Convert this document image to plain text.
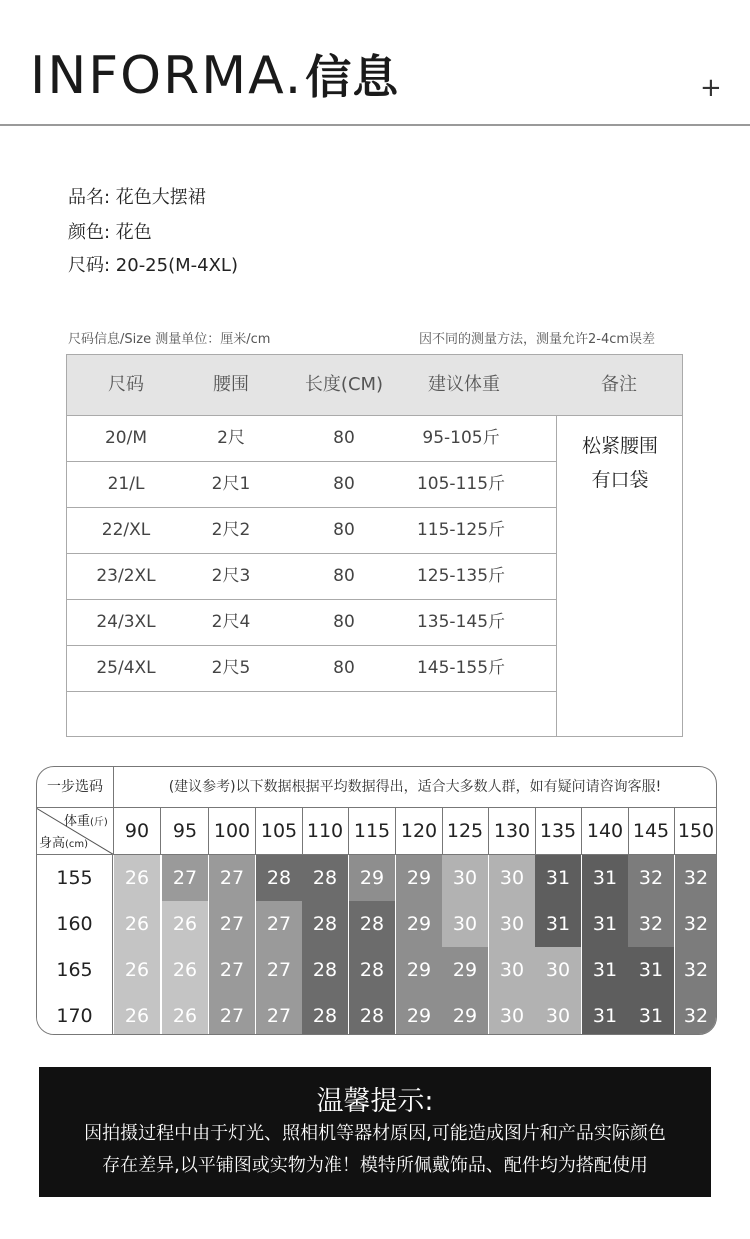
INFORMA.信息	+
品名: 花色大摆裙
颜色: 花色
尺码: 20-25(M-4XL)
尺码信息/Size 测量单位：厘米/cm	因不同的测量方法，测量允许2-4cm误差
尺码	腰围	长度(CM)	建议体重	备注
20/M	2尺	80	95-105斤
21/L	2尺1	80	105-115斤
22/XL	2尺2	80	115-125斤
23/2XL	2尺3	80	125-135斤
24/3XL	2尺4	80	135-145斤
25/4XL	2尺5	80	145-155斤
松紧腰围
有口袋
一步选码	(建议参考)以下数据根据平均数据得出，适合大多数人群，如有疑问请咨询客服!
体重(斤)
身高(cm)
90	95 100 105 110 115 120 125 130 135 140 145 150
155	26	27	27	28	28	29	29	30	30	31	31	32	32
160	26	26	27	27	28	28	29	30	30	31	31	32	32
165	26	26	27	27	28	28	29	29	30	30	31	31	32
170	26	26	27	27	28	28	29	29	30	30	31	31	32
温馨提示:
因拍摄过程中由于灯光、照相机等器材原因,可能造成图片和产品实际颜色
存在差异,以平铺图或实物为准！模特所佩戴饰品、配件均为搭配使用
